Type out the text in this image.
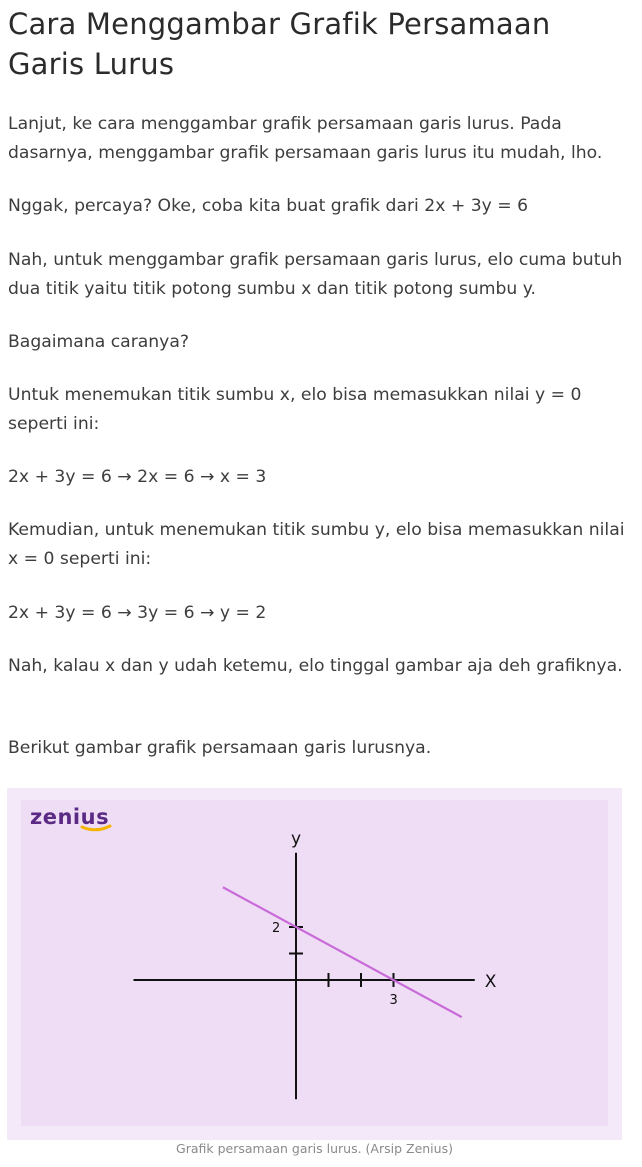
Cara Menggambar Grafik Persamaan Garis Lurus

Lanjut, ke cara menggambar grafik persamaan garis lurus. Pada dasarnya, menggambar grafik persamaan garis lurus itu mudah, lho.

Nggak, percaya? Oke, coba kita buat grafik dari 2x + 3y = 6

Nah, untuk menggambar grafik persamaan garis lurus, elo cuma butuh dua titik yaitu titik potong sumbu x dan titik potong sumbu y.

Bagaimana caranya?

Untuk menemukan titik sumbu x, elo bisa memasukkan nilai y = 0 seperti ini:

2x + 3y = 6 → 2x = 6 → x = 3

Kemudian, untuk menemukan titik sumbu y, elo bisa memasukkan nilai x = 0 seperti ini:

2x + 3y = 6 → 3y = 6 → y = 2

Nah, kalau x dan y udah ketemu, elo tinggal gambar aja deh grafiknya.

Berikut gambar grafik persamaan garis lurusnya.

zenius
3
2
X
y
Grafik persamaan garis lurus. (Arsip Zenius)
